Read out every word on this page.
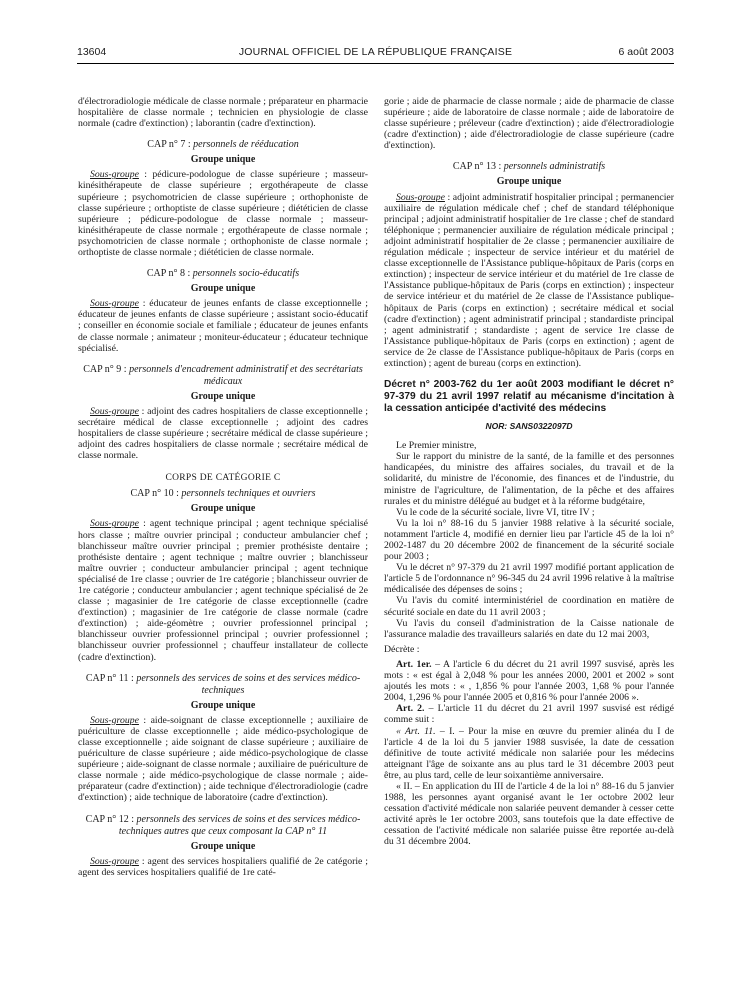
13604	JOURNAL OFFICIEL DE LA RÉPUBLIQUE FRANÇAISE	6 août 2003

d'électroradiologie médicale de classe normale ; préparateur en pharmacie hospitalière de classe normale ; technicien en physiologie de classe normale (cadre d'extinction) ; laborantin (cadre d'extinction).

CAP n° 7 : personnels de rééducation
Groupe unique

Sous-groupe : pédicure-podologue de classe supérieure ; masseur-kinésithérapeute de classe supérieure ; ergothérapeute de classe supérieure ; psychomotricien de classe supérieure ; orthophoniste de classe supérieure ; orthoptiste de classe supérieure ; diététicien de classe supérieure ; pédicure-podologue de classe normale ; masseur-kinésithérapeute de classe normale ; ergothérapeute de classe normale ; psychomotricien de classe normale ; orthophoniste de classe normale ; orthoptiste de classe normale ; diététicien de classe normale.

CAP n° 8 : personnels socio-éducatifs
Groupe unique

Sous-groupe : éducateur de jeunes enfants de classe exceptionnelle ; éducateur de jeunes enfants de classe supérieure ; assistant socio-éducatif ; conseiller en économie sociale et familiale ; éducateur de jeunes enfants de classe normale ; animateur ; moniteur-éducateur ; éducateur technique spécialisé.

CAP n° 9 : personnels d'encadrement administratif et des secrétariats médicaux
Groupe unique

Sous-groupe : adjoint des cadres hospitaliers de classe exceptionnelle ; secrétaire médical de classe exceptionnelle ; adjoint des cadres hospitaliers de classe supérieure ; secrétaire médical de classe supérieure ; adjoint des cadres hospitaliers de classe normale ; secrétaire médical de classe normale.

CORPS DE CATÉGORIE C
CAP n° 10 : personnels techniques et ouvriers
Groupe unique

Sous-groupe : agent technique principal ; agent technique spécialisé hors classe ; maître ouvrier principal ; conducteur ambulancier chef ; blanchisseur maître ouvrier principal ; premier prothésiste dentaire ; prothésiste dentaire ; agent technique ; maître ouvrier ; blanchisseur maître ouvrier ; conducteur ambulancier principal ; agent technique spécialisé de 1re classe ; ouvrier de 1re catégorie ; blanchisseur ouvrier de 1re catégorie ; conducteur ambulancier ; agent technique spécialisé de 2e classe ; magasinier de 1re catégorie de classe exceptionnelle (cadre d'extinction) ; magasinier de 1re catégorie de classe normale (cadre d'extinction) ; aide-géomètre ; ouvrier professionnel principal ; blanchisseur ouvrier professionnel principal ; ouvrier professionnel ; blanchisseur ouvrier professionnel ; chauffeur installateur de collecte (cadre d'extinction).

CAP n° 11 : personnels des services de soins et des services médico-techniques
Groupe unique

Sous-groupe : aide-soignant de classe exceptionnelle ; auxiliaire de puériculture de classe exceptionnelle ; aide médico-psychologique de classe exceptionnelle ; aide soignant de classe supérieure ; auxiliaire de puériculture de classe supérieure ; aide médico-psychologique de classe supérieure ; aide-soignant de classe normale ; auxiliaire de puériculture de classe normale ; aide médico-psychologique de classe normale ; aide-préparateur (cadre d'extinction) ; aide technique d'électroradiologie (cadre d'extinction) ; aide technique de laboratoire (cadre d'extinction).

CAP n° 12 : personnels des services de soins et des services médico-techniques autres que ceux composant la CAP n° 11
Groupe unique

Sous-groupe : agent des services hospitaliers qualifié de 2e catégorie ; agent des services hospitaliers qualifié de 1re caté-

gorie ; aide de pharmacie de classe normale ; aide de pharmacie de classe supérieure ; aide de laboratoire de classe normale ; aide de laboratoire de classe supérieure ; préleveur (cadre d'extinction) ; aide d'électroradiologie (cadre d'extinction) ; aide d'électroradiologie de classe supérieure (cadre d'extinction).

CAP n° 13 : personnels administratifs
Groupe unique

Sous-groupe : adjoint administratif hospitalier principal ; permanencier auxiliaire de régulation médicale chef ; chef de standard téléphonique principal ; adjoint administratif hospitalier de 1re classe ; chef de standard téléphonique ; permanencier auxiliaire de régulation médicale principal ; adjoint administratif hospitalier de 2e classe ; permanencier auxiliaire de régulation médicale ; inspecteur de service intérieur et du matériel de classe exceptionnelle de l'Assistance publique-hôpitaux de Paris (corps en extinction) ; inspecteur de service intérieur et du matériel de 1re classe de l'Assistance publique-hôpitaux de Paris (corps en extinction) ; inspecteur de service intérieur et du matériel de 2e classe de l'Assistance publique-hôpitaux de Paris (corps en extinction) ; secrétaire médical et social (cadre d'extinction) ; agent administratif principal ; standardiste principal ; agent administratif ; standardiste ; agent de service 1re classe de l'Assistance publique-hôpitaux de Paris (corps en extinction) ; agent de service de 2e classe de l'Assistance publique-hôpitaux de Paris (corps en extinction) ; agent de bureau (corps en extinction).

Décret n° 2003-762 du 1er août 2003 modifiant le décret n° 97-379 du 21 avril 1997 relatif au mécanisme d'incitation à la cessation anticipée d'activité des médecins
NOR: SANS0322097D

Le Premier ministre,

Sur le rapport du ministre de la santé, de la famille et des personnes handicapées, du ministre des affaires sociales, du travail et de la solidarité, du ministre de l'économie, des finances et de l'industrie, du ministre de l'agriculture, de l'alimentation, de la pêche et des affaires rurales et du ministre délégué au budget et à la réforme budgétaire,

Vu le code de la sécurité sociale, livre VI, titre IV ;

Vu la loi n° 88-16 du 5 janvier 1988 relative à la sécurité sociale, notamment l'article 4, modifié en dernier lieu par l'article 45 de la loi n° 2002-1487 du 20 décembre 2002 de financement de la sécurité sociale pour 2003 ;

Vu le décret n° 97-379 du 21 avril 1997 modifié portant application de l'article 5 de l'ordonnance n° 96-345 du 24 avril 1996 relative à la maîtrise médicalisée des dépenses de soins ;

Vu l'avis du comité interministériel de coordination en matière de sécurité sociale en date du 11 avril 2003 ;

Vu l'avis du conseil d'administration de la Caisse nationale de l'assurance maladie des travailleurs salariés en date du 12 mai 2003,

Décrète :

Art. 1er. – A l'article 6 du décret du 21 avril 1997 susvisé, après les mots : « est égal à 2,048 % pour les années 2000, 2001 et 2002 » sont ajoutés les mots : « , 1,856 % pour l'année 2003, 1,68 % pour l'année 2004, 1,296 % pour l'année 2005 et 0,816 % pour l'année 2006 ».

Art. 2. – L'article 11 du décret du 21 avril 1997 susvisé est rédigé comme suit :

« Art. 11. – I. – Pour la mise en œuvre du premier alinéa du I de l'article 4 de la loi du 5 janvier 1988 susvisée, la date de cessation définitive de toute activité médicale non salariée pour les médecins atteignant l'âge de soixante ans au plus tard le 31 décembre 2003 peut être, au plus tard, celle de leur soixantième anniversaire.

« II. – En application du III de l'article 4 de la loi n° 88-16 du 5 janvier 1988, les personnes ayant organisé avant le 1er octobre 2002 leur cessation d'activité médicale non salariée peuvent demander à cesser cette activité après le 1er octobre 2003, sans toutefois que la date effective de cessation de l'activité médicale non salariée puisse être reportée au-delà du 31 décembre 2004.
